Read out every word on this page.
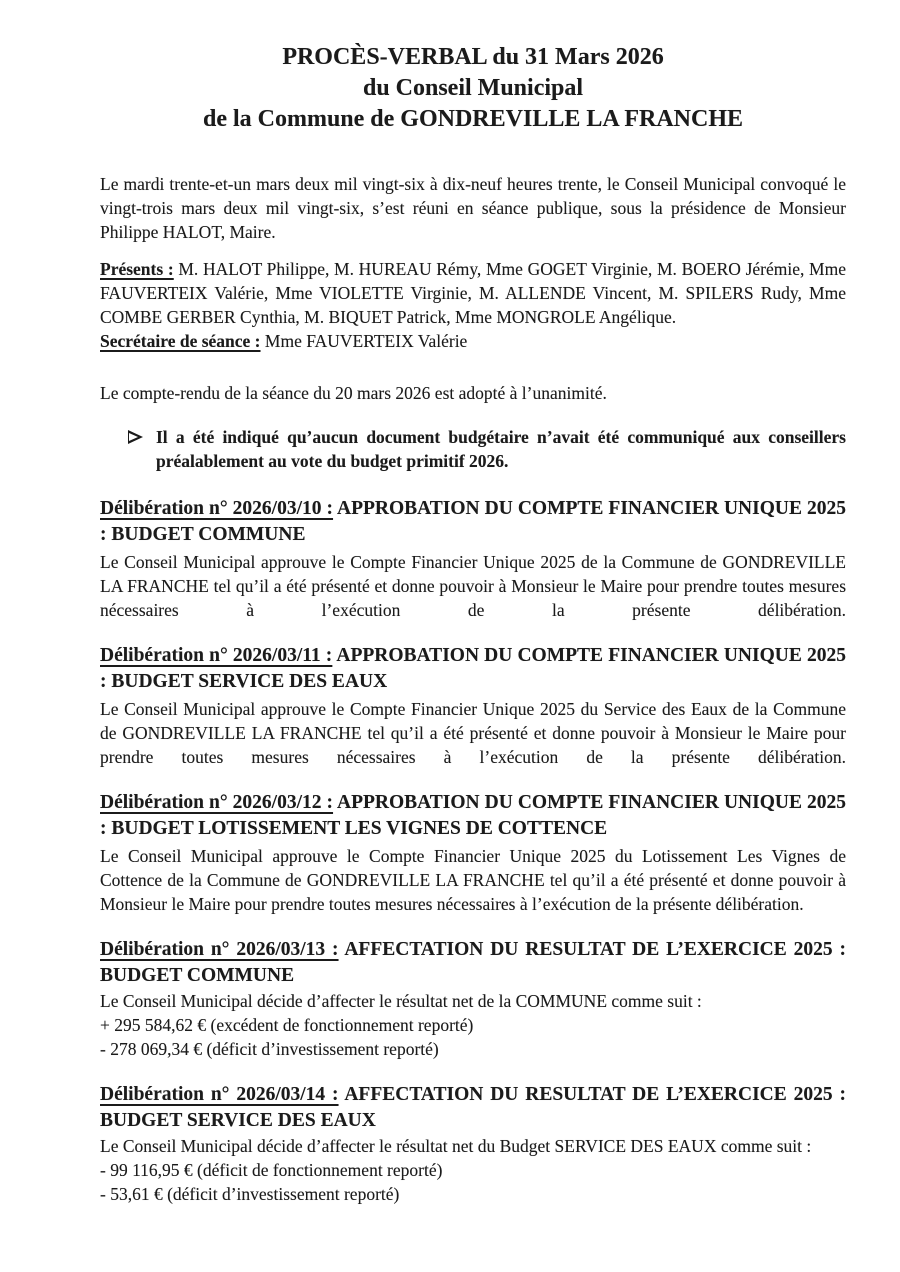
PROCÈS-VERBAL du 31 Mars 2026
du Conseil Municipal
de la Commune de GONDREVILLE LA FRANCHE

Le mardi trente-et-un mars deux mil vingt-six à dix-neuf heures trente, le Conseil Municipal convoqué le vingt-trois mars deux mil vingt-six, s’est réuni en séance publique, sous la présidence de Monsieur Philippe HALOT, Maire.

Présents : M. HALOT Philippe, M. HUREAU Rémy, Mme GOGET Virginie, M. BOERO Jérémie, Mme FAUVERTEIX Valérie, Mme VIOLETTE Virginie, M. ALLENDE Vincent, M. SPILERS Rudy, Mme COMBE GERBER Cynthia, M. BIQUET Patrick, Mme MONGROLE Angélique.

Secrétaire de séance : Mme FAUVERTEIX Valérie

Le compte-rendu de la séance du 20 mars 2026 est adopté à l’unanimité.

Il a été indiqué qu’aucun document budgétaire n’avait été communiqué aux conseillers préalablement au vote du budget primitif 2026.
Délibération n° 2026/03/10 : APPROBATION DU COMPTE FINANCIER UNIQUE 2025 : BUDGET COMMUNE

Le Conseil Municipal approuve le Compte Financier Unique 2025 de la Commune de GONDREVILLE LA FRANCHE tel qu’il a été présenté et donne pouvoir à Monsieur le Maire pour prendre toutes mesures nécessaires à l’exécution de la présente délibération.

Délibération n° 2026/03/11 : APPROBATION DU COMPTE FINANCIER UNIQUE 2025 : BUDGET SERVICE DES EAUX

Le Conseil Municipal approuve le Compte Financier Unique 2025 du Service des Eaux de la Commune de GONDREVILLE LA FRANCHE tel qu’il a été présenté et donne pouvoir à Monsieur le Maire pour prendre toutes mesures nécessaires à l’exécution de la présente délibération.

Délibération n° 2026/03/12 : APPROBATION DU COMPTE FINANCIER UNIQUE 2025 : BUDGET LOTISSEMENT LES VIGNES DE COTTENCE

Le Conseil Municipal approuve le Compte Financier Unique 2025 du Lotissement Les Vignes de Cottence de la Commune de GONDREVILLE LA FRANCHE tel qu’il a été présenté et donne pouvoir à Monsieur le Maire pour prendre toutes mesures nécessaires à l’exécution de la présente délibération.

Délibération n° 2026/03/13 : AFFECTATION DU RESULTAT DE L’EXERCICE 2025 : BUDGET COMMUNE

Le Conseil Municipal décide d’affecter le résultat net de la COMMUNE comme suit :

+ 295 584,62 € (excédent de fonctionnement reporté)

- 278 069,34 € (déficit d’investissement reporté)

Délibération n° 2026/03/14 : AFFECTATION DU RESULTAT DE L’EXERCICE 2025 : BUDGET SERVICE DES EAUX

Le Conseil Municipal décide d’affecter le résultat net du Budget SERVICE DES EAUX comme suit :

- 99 116,95 € (déficit de fonctionnement reporté)

- 53,61 € (déficit d’investissement reporté)
